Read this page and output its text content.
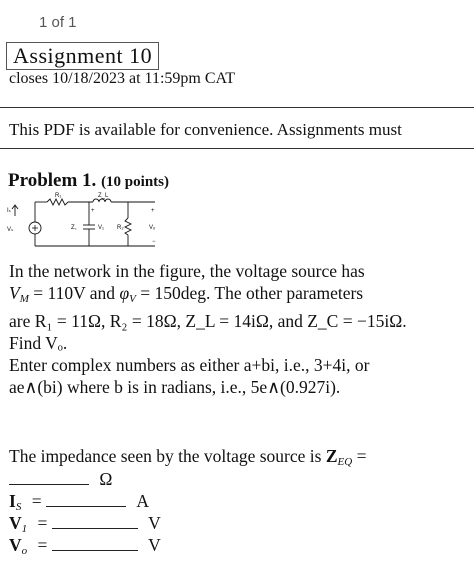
1 of 1
Assignment 10
closes 10/18/2023 at 11:59pm CAT
This PDF is available for convenience. Assignments must
Problem 1. (10 points)
Iₛ
Vₛ
R₁	Z_L
Z꜀	V₁
+
R₂
+
Vₒ
−
In the network in the figure, the voltage source has
$V_M = 110V$ and $\varphi_V = 150deg$. The other parameters
are R₁ = 11Ω, R₂ = 18Ω, Z_L = 14iΩ, and Z_C = −15iΩ.
Find Vₒ.
Enter complex numbers as either a+bi, i.e., 3+4i, or
ae∧(bi) where b is in radians, i.e., 5e∧(0.927i).
The impedance seen by the voltage source is $Z_{EQ}$ =
Ω
$I_S$ =	A
$V_1$ =	V
$V_o$ =	V
